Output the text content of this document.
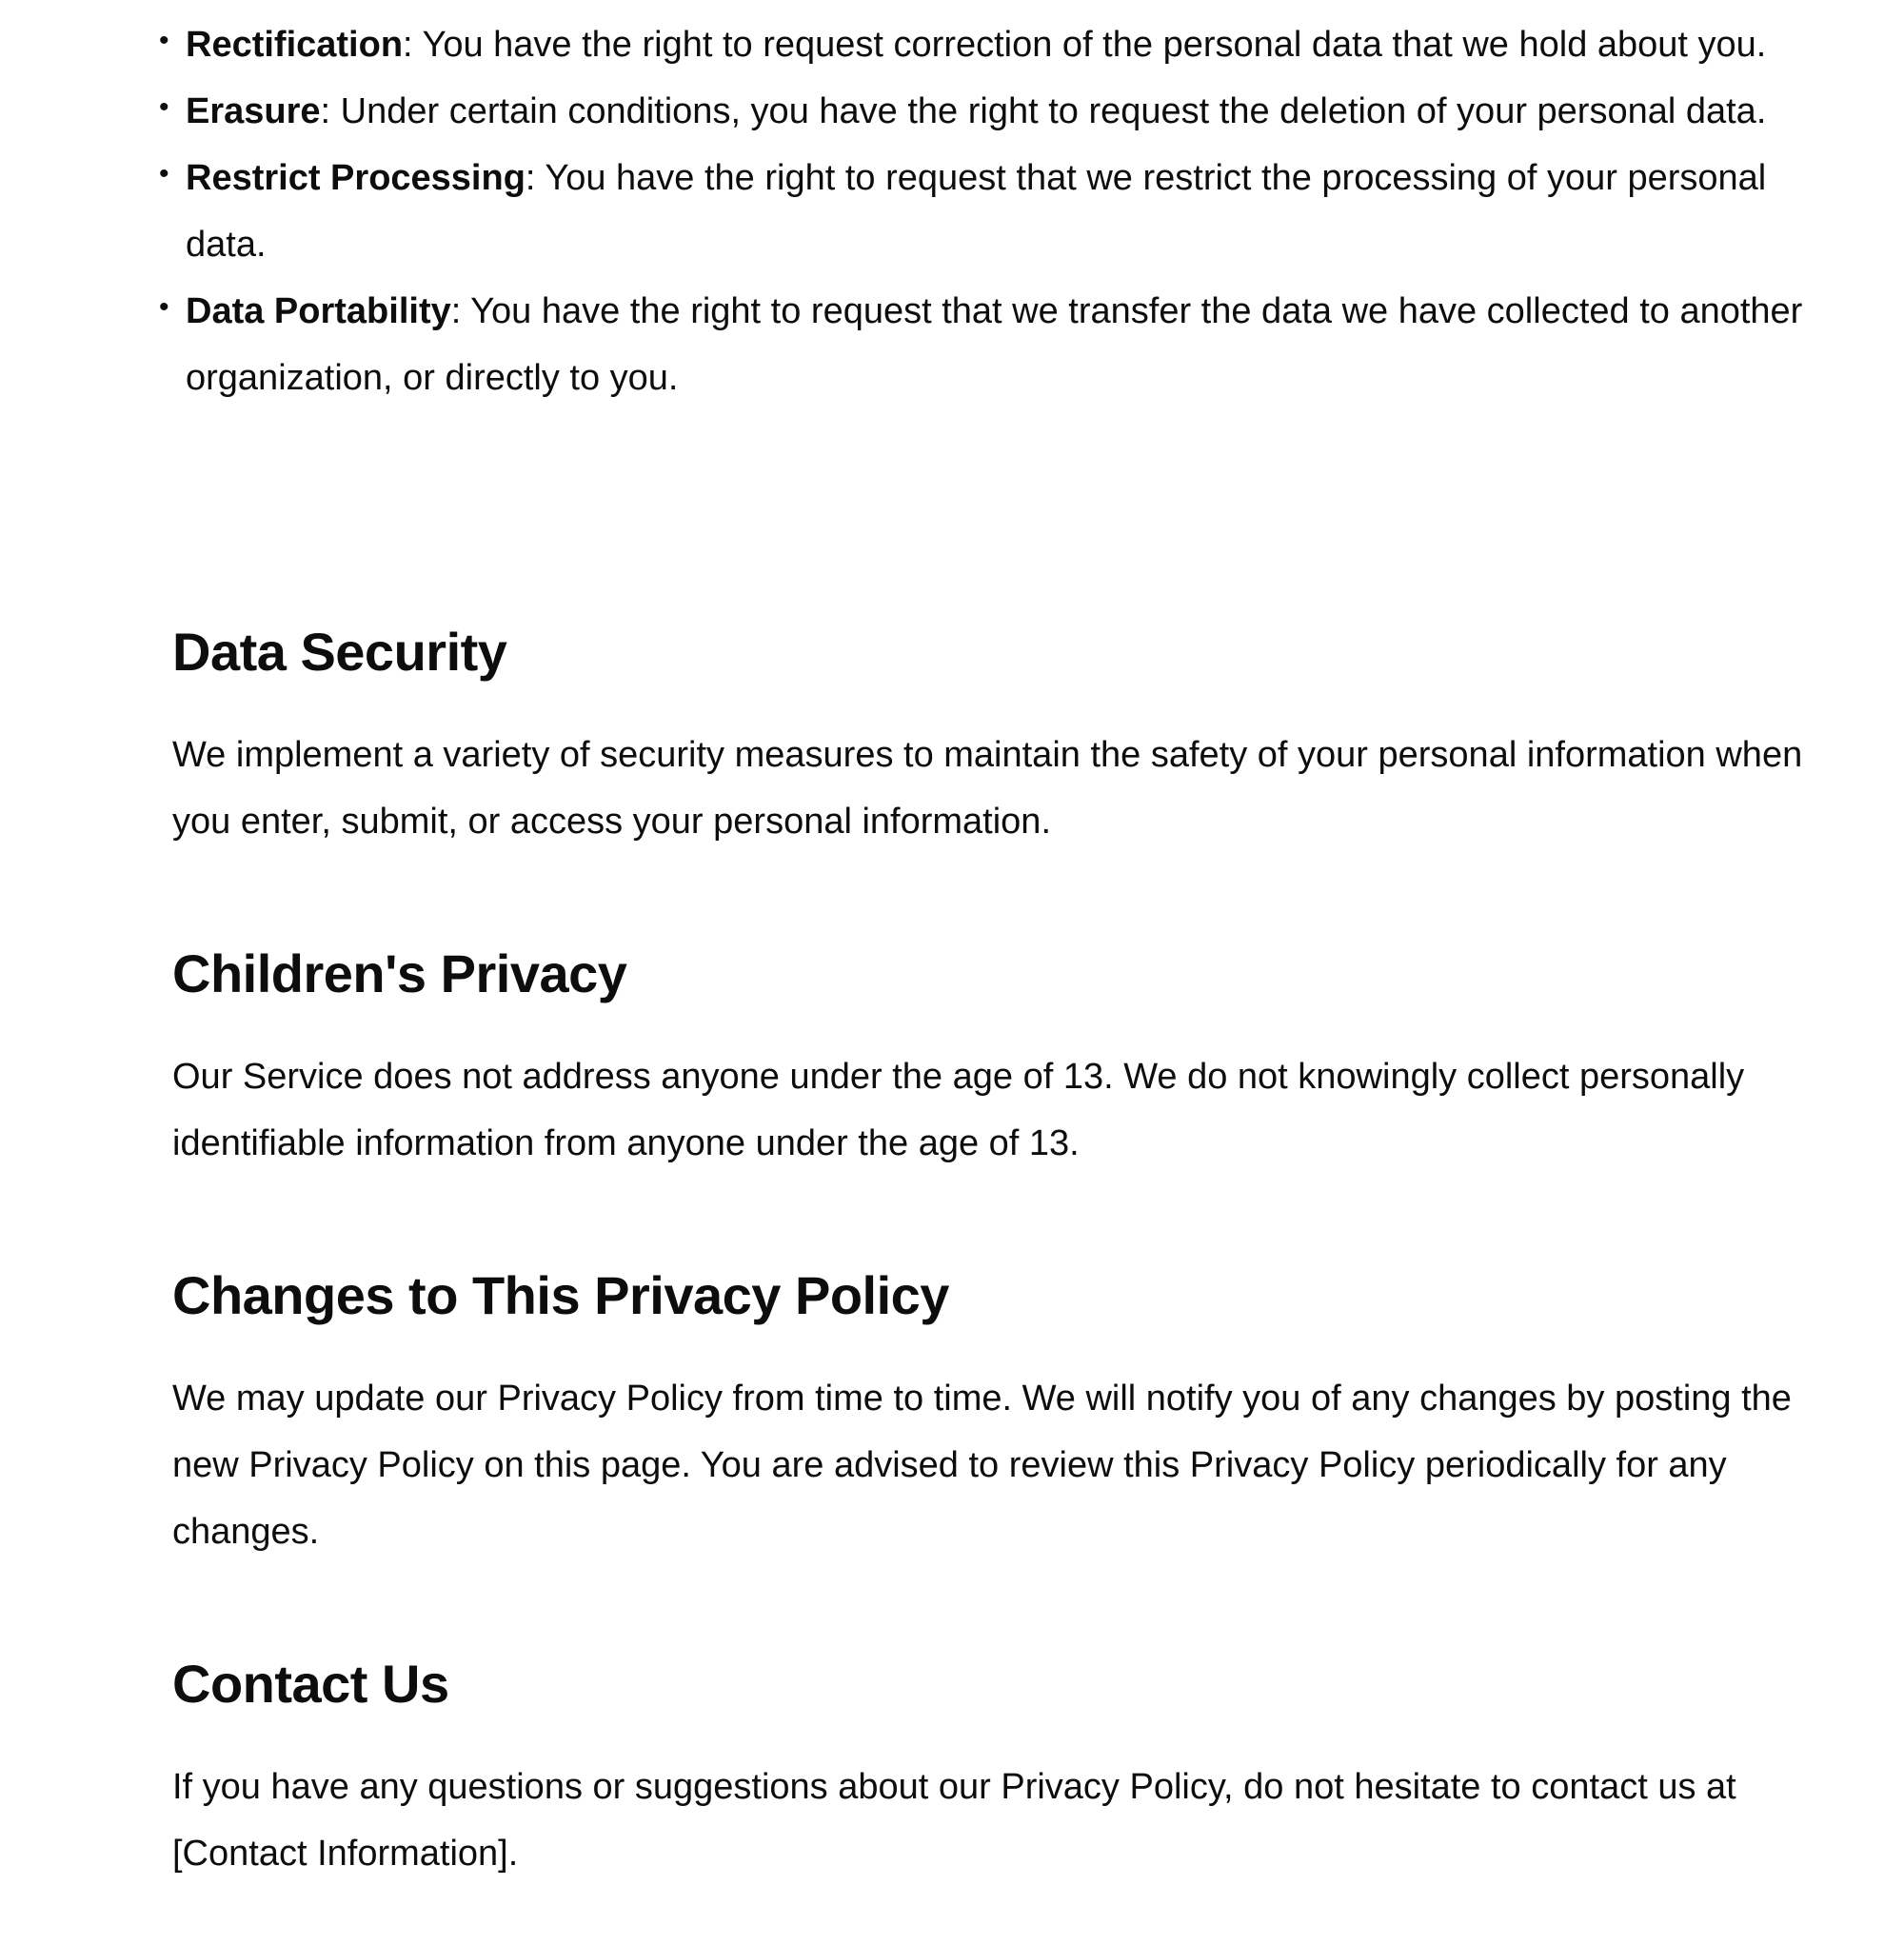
• Rectification: You have the right to request correction of the personal data that we hold about you.
• Erasure: Under certain conditions, you have the right to request the deletion of your personal data.
• Restrict Processing: You have the right to request that we restrict the processing of your personal data.
• Data Portability: You have the right to request that we transfer the data we have collected to another organization, or directly to you.
Data Security

We implement a variety of security measures to maintain the safety of your personal information when you enter, submit, or access your personal information.

Children's Privacy

Our Service does not address anyone under the age of 13. We do not knowingly collect personally identifiable information from anyone under the age of 13.

Changes to This Privacy Policy

We may update our Privacy Policy from time to time. We will notify you of any changes by posting the new Privacy Policy on this page. You are advised to review this Privacy Policy periodically for any changes.

Contact Us

If you have any questions or suggestions about our Privacy Policy, do not hesitate to contact us at [Contact Information].
